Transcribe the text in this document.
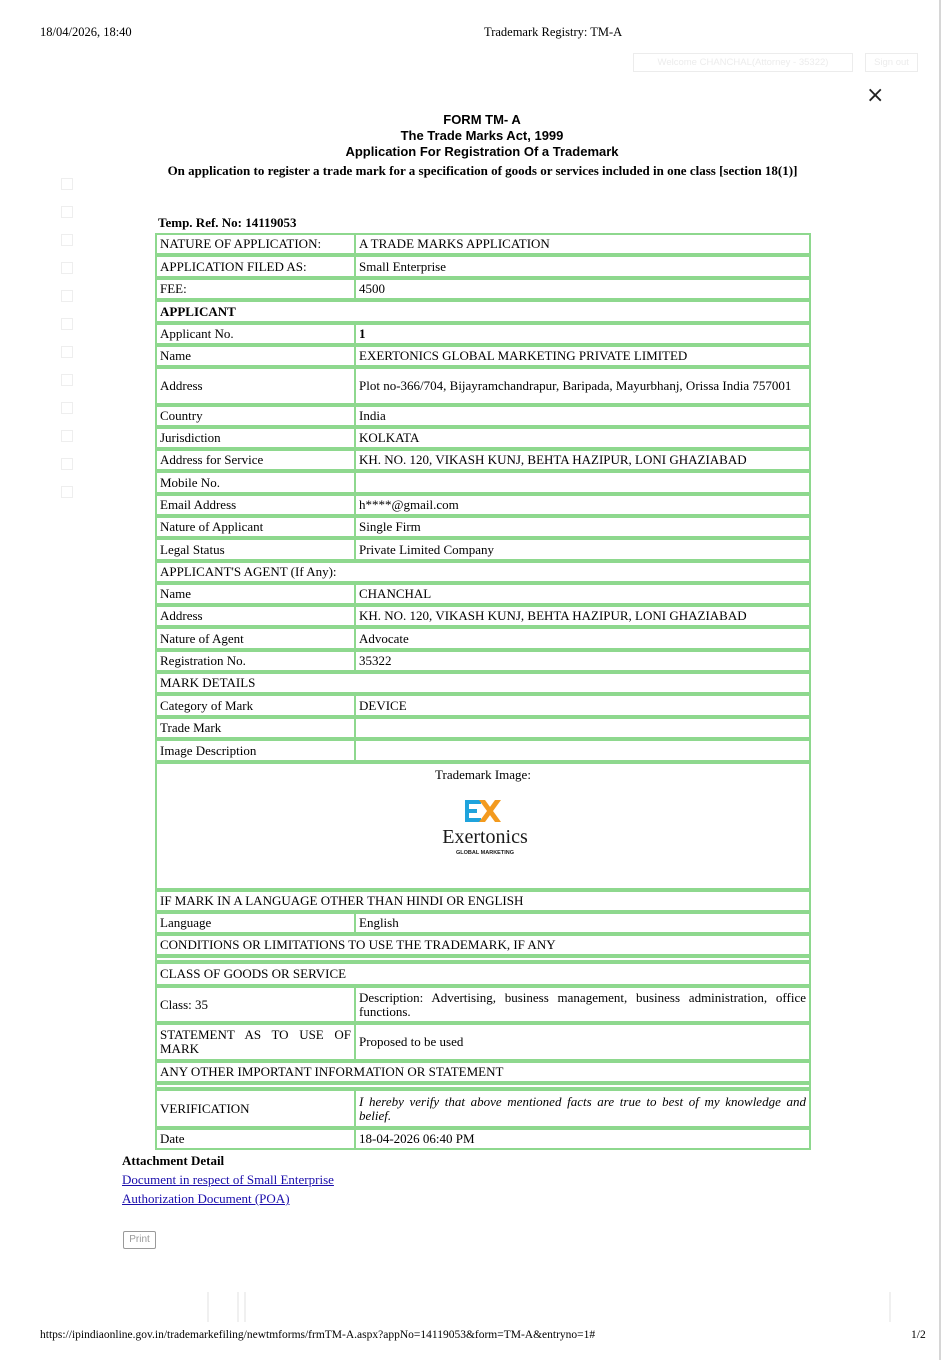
18/04/2026, 18:40	Trademark Registry: TM-A
Welcome CHANCHAL(Attorney - 35322)	Sign out
×
FORM TM- A
The Trade Marks Act, 1999
Application For Registration Of a Trademark
On application to register a trade mark for a specification of goods or services included in one class [section 18(1)]
Temp. Ref. No: 14119053
NATURE OF APPLICATION:	A TRADE MARKS APPLICATION
APPLICATION FILED AS:	Small Enterprise
FEE:	4500
APPLICANT
Applicant No.	1
Name	EXERTONICS GLOBAL MARKETING PRIVATE LIMITED
Address	Plot no-366/704, Bijayramchandrapur, Baripada, Mayurbhanj, Orissa India 757001
Country	India
Jurisdiction	KOLKATA
Address for Service	KH. NO. 120, VIKASH KUNJ, BEHTA HAZIPUR, LONI GHAZIABAD
Mobile No.
Email Address	h****@gmail.com
Nature of Applicant	Single Firm
Legal Status	Private Limited Company
APPLICANT'S AGENT (If Any):
Name	CHANCHAL
Address	KH. NO. 120, VIKASH KUNJ, BEHTA HAZIPUR, LONI GHAZIABAD
Nature of Agent	Advocate
Registration No.	35322
MARK DETAILS
Category of Mark	DEVICE
Trade Mark
Image Description
Trademark Image:
Exertonics
GLOBAL MARKETING
IF MARK IN A LANGUAGE OTHER THAN HINDI OR ENGLISH
Language	English
CONDITIONS OR LIMITATIONS TO USE THE TRADEMARK, IF ANY
CLASS OF GOODS OR SERVICE
Class: 35	Description: Advertising, business management, business administration, office functions.
STATEMENT AS TO USE OF MARK	Proposed to be used
ANY OTHER IMPORTANT INFORMATION OR STATEMENT
VERIFICATION	I hereby verify that above mentioned facts are true to best of my knowledge and belief.
Date	18-04-2026 06:40 PM
Attachment Detail
Document in respect of Small Enterprise
Authorization Document (POA)
Print
https://ipindiaonline.gov.in/trademarkefiling/newtmforms/frmTM-A.aspx?appNo=14119053&form=TM-A&entryno=1#	1/2
